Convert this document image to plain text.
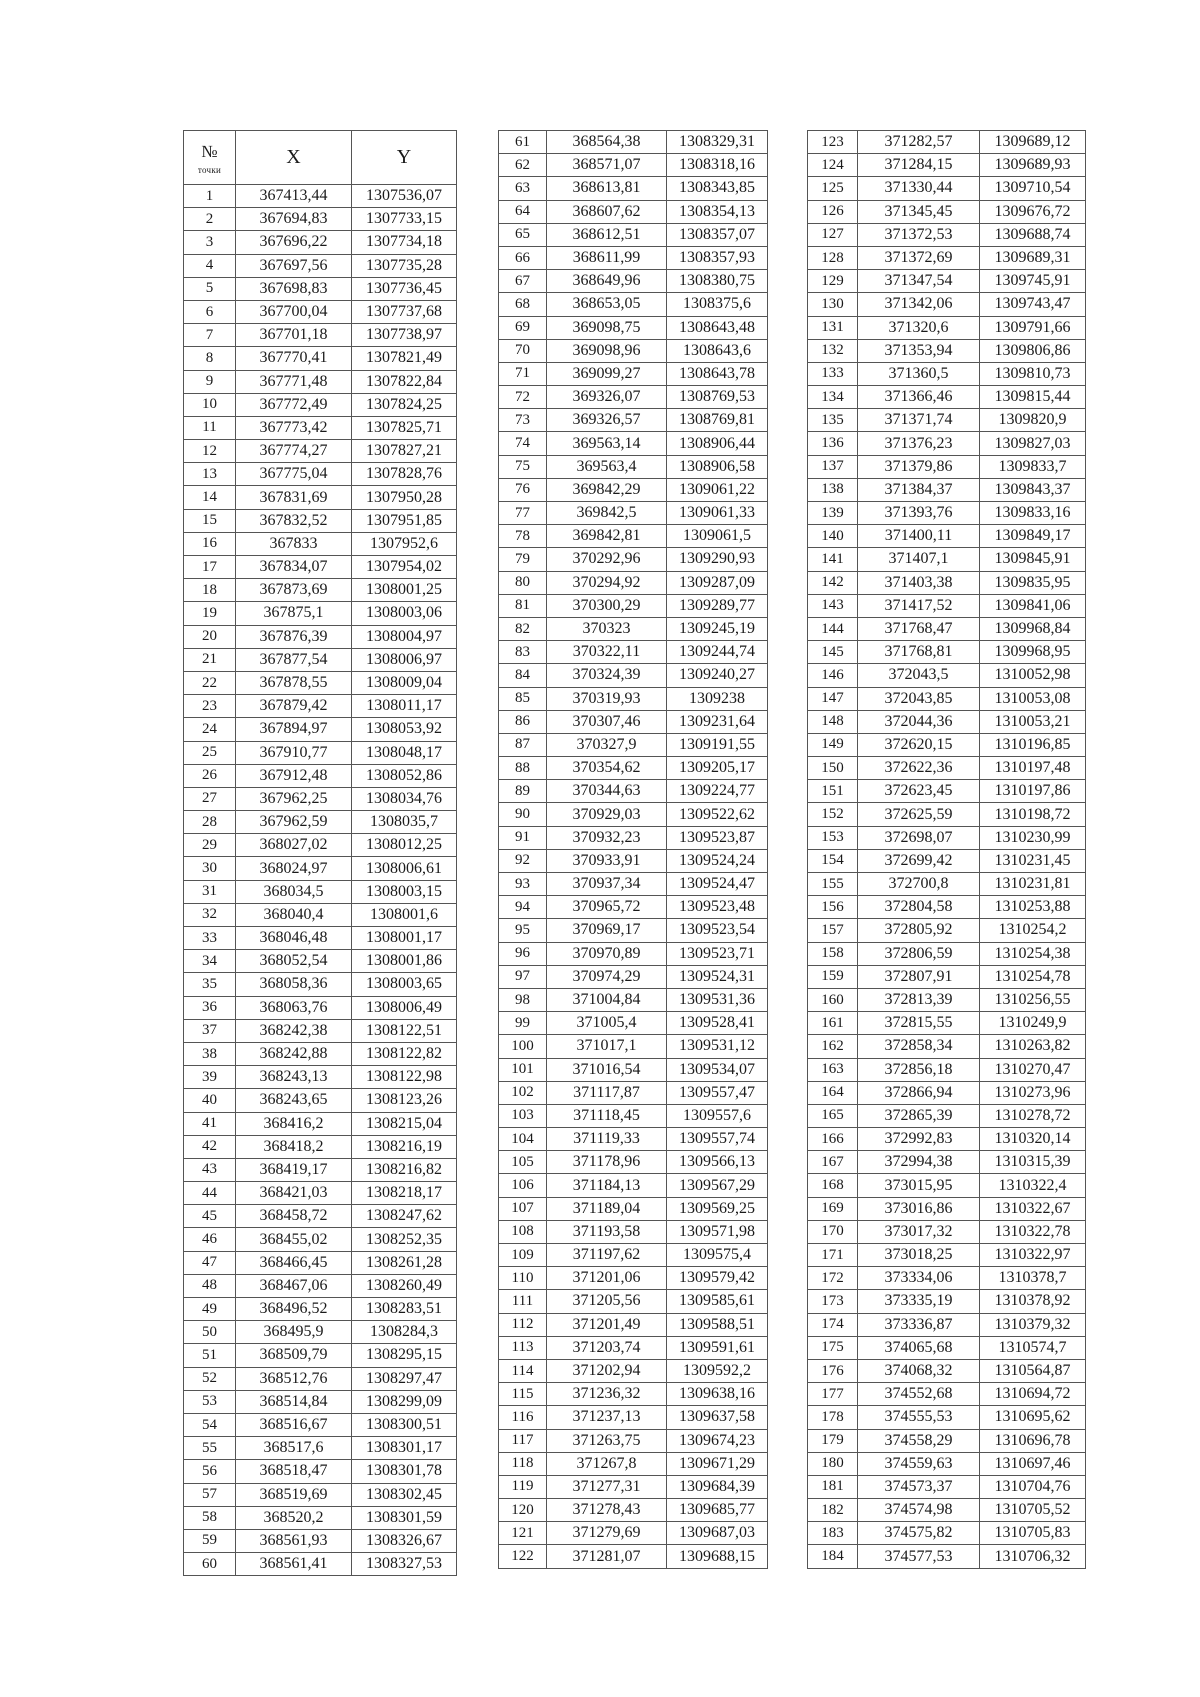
№
точки	X	Y
1	367413,44	1307536,07
2	367694,83	1307733,15
3	367696,22	1307734,18
4	367697,56	1307735,28
5	367698,83	1307736,45
6	367700,04	1307737,68
7	367701,18	1307738,97
8	367770,41	1307821,49
9	367771,48	1307822,84
10	367772,49	1307824,25
11	367773,42	1307825,71
12	367774,27	1307827,21
13	367775,04	1307828,76
14	367831,69	1307950,28
15	367832,52	1307951,85
16	367833	1307952,6
17	367834,07	1307954,02
18	367873,69	1308001,25
19	367875,1	1308003,06
20	367876,39	1308004,97
21	367877,54	1308006,97
22	367878,55	1308009,04
23	367879,42	1308011,17
24	367894,97	1308053,92
25	367910,77	1308048,17
26	367912,48	1308052,86
27	367962,25	1308034,76
28	367962,59	1308035,7
29	368027,02	1308012,25
30	368024,97	1308006,61
31	368034,5	1308003,15
32	368040,4	1308001,6
33	368046,48	1308001,17
34	368052,54	1308001,86
35	368058,36	1308003,65
36	368063,76	1308006,49
37	368242,38	1308122,51
38	368242,88	1308122,82
39	368243,13	1308122,98
40	368243,65	1308123,26
41	368416,2	1308215,04
42	368418,2	1308216,19
43	368419,17	1308216,82
44	368421,03	1308218,17
45	368458,72	1308247,62
46	368455,02	1308252,35
47	368466,45	1308261,28
48	368467,06	1308260,49
49	368496,52	1308283,51
50	368495,9	1308284,3
51	368509,79	1308295,15
52	368512,76	1308297,47
53	368514,84	1308299,09
54	368516,67	1308300,51
55	368517,6	1308301,17
56	368518,47	1308301,78
57	368519,69	1308302,45
58	368520,2	1308301,59
59	368561,93	1308326,67
60	368561,41	1308327,53
61	368564,38	1308329,31
62	368571,07	1308318,16
63	368613,81	1308343,85
64	368607,62	1308354,13
65	368612,51	1308357,07
66	368611,99	1308357,93
67	368649,96	1308380,75
68	368653,05	1308375,6
69	369098,75	1308643,48
70	369098,96	1308643,6
71	369099,27	1308643,78
72	369326,07	1308769,53
73	369326,57	1308769,81
74	369563,14	1308906,44
75	369563,4	1308906,58
76	369842,29	1309061,22
77	369842,5	1309061,33
78	369842,81	1309061,5
79	370292,96	1309290,93
80	370294,92	1309287,09
81	370300,29	1309289,77
82	370323	1309245,19
83	370322,11	1309244,74
84	370324,39	1309240,27
85	370319,93	1309238
86	370307,46	1309231,64
87	370327,9	1309191,55
88	370354,62	1309205,17
89	370344,63	1309224,77
90	370929,03	1309522,62
91	370932,23	1309523,87
92	370933,91	1309524,24
93	370937,34	1309524,47
94	370965,72	1309523,48
95	370969,17	1309523,54
96	370970,89	1309523,71
97	370974,29	1309524,31
98	371004,84	1309531,36
99	371005,4	1309528,41
100	371017,1	1309531,12
101	371016,54	1309534,07
102	371117,87	1309557,47
103	371118,45	1309557,6
104	371119,33	1309557,74
105	371178,96	1309566,13
106	371184,13	1309567,29
107	371189,04	1309569,25
108	371193,58	1309571,98
109	371197,62	1309575,4
110	371201,06	1309579,42
111	371205,56	1309585,61
112	371201,49	1309588,51
113	371203,74	1309591,61
114	371202,94	1309592,2
115	371236,32	1309638,16
116	371237,13	1309637,58
117	371263,75	1309674,23
118	371267,8	1309671,29
119	371277,31	1309684,39
120	371278,43	1309685,77
121	371279,69	1309687,03
122	371281,07	1309688,15
123	371282,57	1309689,12
124	371284,15	1309689,93
125	371330,44	1309710,54
126	371345,45	1309676,72
127	371372,53	1309688,74
128	371372,69	1309689,31
129	371347,54	1309745,91
130	371342,06	1309743,47
131	371320,6	1309791,66
132	371353,94	1309806,86
133	371360,5	1309810,73
134	371366,46	1309815,44
135	371371,74	1309820,9
136	371376,23	1309827,03
137	371379,86	1309833,7
138	371384,37	1309843,37
139	371393,76	1309833,16
140	371400,11	1309849,17
141	371407,1	1309845,91
142	371403,38	1309835,95
143	371417,52	1309841,06
144	371768,47	1309968,84
145	371768,81	1309968,95
146	372043,5	1310052,98
147	372043,85	1310053,08
148	372044,36	1310053,21
149	372620,15	1310196,85
150	372622,36	1310197,48
151	372623,45	1310197,86
152	372625,59	1310198,72
153	372698,07	1310230,99
154	372699,42	1310231,45
155	372700,8	1310231,81
156	372804,58	1310253,88
157	372805,92	1310254,2
158	372806,59	1310254,38
159	372807,91	1310254,78
160	372813,39	1310256,55
161	372815,55	1310249,9
162	372858,34	1310263,82
163	372856,18	1310270,47
164	372866,94	1310273,96
165	372865,39	1310278,72
166	372992,83	1310320,14
167	372994,38	1310315,39
168	373015,95	1310322,4
169	373016,86	1310322,67
170	373017,32	1310322,78
171	373018,25	1310322,97
172	373334,06	1310378,7
173	373335,19	1310378,92
174	373336,87	1310379,32
175	374065,68	1310574,7
176	374068,32	1310564,87
177	374552,68	1310694,72
178	374555,53	1310695,62
179	374558,29	1310696,78
180	374559,63	1310697,46
181	374573,37	1310704,76
182	374574,98	1310705,52
183	374575,82	1310705,83
184	374577,53	1310706,32
